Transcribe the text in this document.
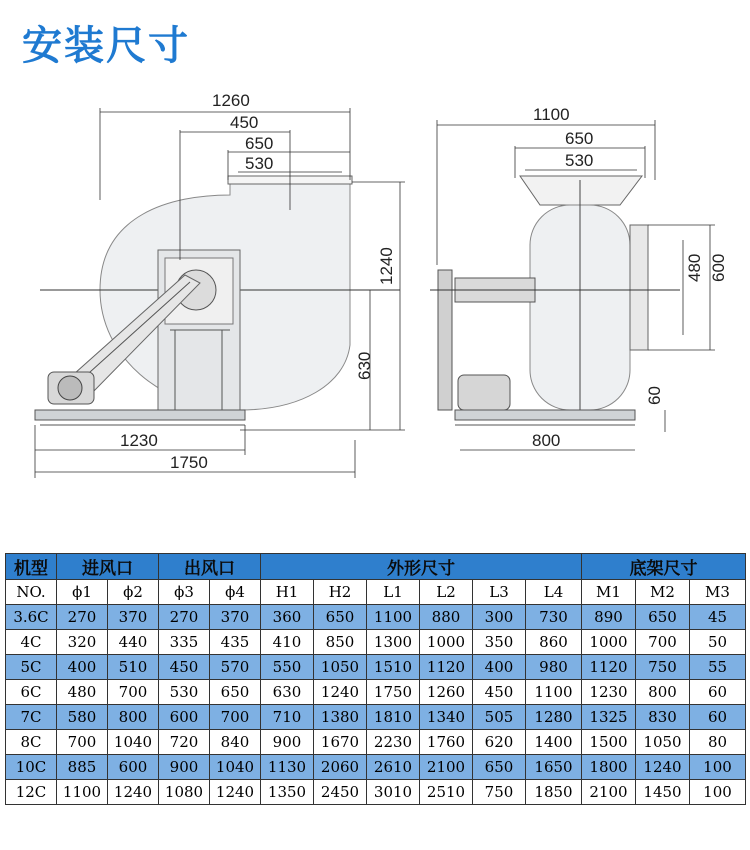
安装尺寸
1260
450
650
530
1240
630
1230
1750
1100
650
530
480 600
60
800
机型	进风口		出风口		外形尺寸						底架尺寸		
NO.	ϕ1	ϕ2	ϕ3	ϕ4	H1	H2	L1	L2	L3	L4	M1	M2	M3
3.6C	270	370	270	370	360	650	1100	880	300	730	890	650	45
4C	320	440	335	435	410	850	1300	1000	350	860	1000	700	50
5C	400	510	450	570	550	1050	1510	1120	400	980	1120	750	55
6C	480	700	530	650	630	1240	1750	1260	450	1100	1230	800	60
7C	580	800	600	700	710	1380	1810	1340	505	1280	1325	830	60
8C	700	1040	720	840	900	1670	2230	1760	620	1400	1500	1050	80
10C	885	600	900	1040	1130	2060	2610	2100	650	1650	1800	1240	100
12C	1100	1240	1080	1240	1350	2450	3010	2510	750	1850	2100	1450	100
